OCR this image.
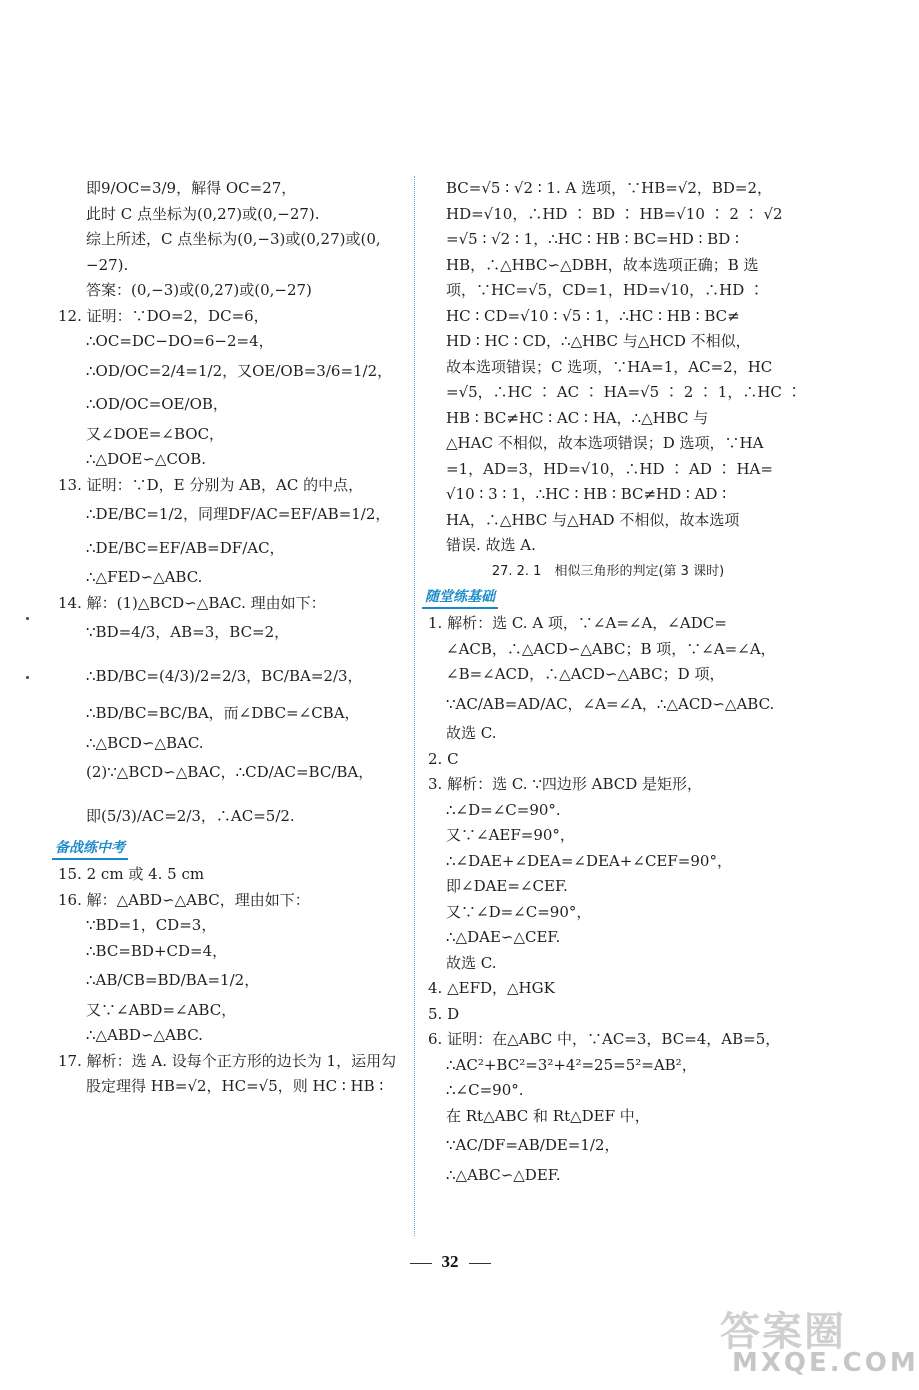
即9/OC=3/9，解得 OC=27，
此时 C 点坐标为(0,27)或(0,−27).
综上所述，C 点坐标为(0,−3)或(0,27)或(0,
−27).
答案：(0,−3)或(0,27)或(0,−27)
12. 证明：∵DO=2，DC=6，
∴OC=DC−DO=6−2=4，
∴OD/OC=2/4=1/2，又OE/OB=3/6=1/2，
∴OD/OC=OE/OB，
又∠DOE=∠BOC，
∴△DOE∽△COB.
13. 证明：∵D，E 分别为 AB，AC 的中点，
∴DE/BC=1/2，同理DF/AC=EF/AB=1/2，
∴DE/BC=EF/AB=DF/AC，
∴△FED∽△ABC.
14. 解：(1)△BCD∽△BAC. 理由如下：
∵BD=4/3，AB=3，BC=2，
∴BD/BC=(4/3)/2=2/3，BC/BA=2/3，
∴BD/BC=BC/BA，而∠DBC=∠CBA，
∴△BCD∽△BAC.
(2)∵△BCD∽△BAC，∴CD/AC=BC/BA，
即(5/3)/AC=2/3，∴AC=5/2.
备战练中考
15. 2 cm 或 4. 5 cm
16. 解：△ABD∽△ABC，理由如下：
∵BD=1，CD=3，
∴BC=BD+CD=4，
∴AB/CB=BD/BA=1/2，
又∵∠ABD=∠ABC，
∴△ABD∽△ABC.
17. 解析：选 A. 设每个正方形的边长为 1，运用勾
股定理得 HB=√2，HC=√5，则 HC ∶ HB ∶
BC=√5 ∶ √2 ∶ 1. A 选项，∵HB=√2，BD=2，
HD=√10，∴HD ∶ BD ∶ HB=√10 ∶ 2 ∶ √2
=√5 ∶ √2 ∶ 1，∴HC ∶ HB ∶ BC=HD ∶ BD ∶
HB，∴△HBC∽△DBH，故本选项正确；B 选
项，∵HC=√5，CD=1，HD=√10，∴HD ∶
HC ∶ CD=√10 ∶ √5 ∶ 1，∴HC ∶ HB ∶ BC≠
HD ∶ HC ∶ CD，∴△HBC 与△HCD 不相似，
故本选项错误；C 选项，∵HA=1，AC=2，HC
=√5，∴HC ∶ AC ∶ HA=√5 ∶ 2 ∶ 1，∴HC ∶
HB ∶ BC≠HC ∶ AC ∶ HA，∴△HBC 与
△HAC 不相似，故本选项错误；D 选项，∵HA
=1，AD=3，HD=√10，∴HD ∶ AD ∶ HA=
√10 ∶ 3 ∶ 1，∴HC ∶ HB ∶ BC≠HD ∶ AD ∶
HA，∴△HBC 与△HAD 不相似，故本选项
错误. 故选 A.
27. 2. 1　相似三角形的判定(第 3 课时)
随堂练基础
1. 解析：选 C. A 项，∵∠A=∠A，∠ADC=
∠ACB，∴△ACD∽△ABC；B 项，∵∠A=∠A，
∠B=∠ACD，∴△ACD∽△ABC；D 项，
∵AC/AB=AD/AC，∠A=∠A，∴△ACD∽△ABC.
故选 C.
2. C
3. 解析：选 C. ∵四边形 ABCD 是矩形，
∴∠D=∠C=90°.
又∵∠AEF=90°，
∴∠DAE+∠DEA=∠DEA+∠CEF=90°，
即∠DAE=∠CEF.
又∵∠D=∠C=90°，
∴△DAE∽△CEF.
故选 C.
4. △EFD，△HGK
5. D
6. 证明：在△ABC 中，∵AC=3，BC=4，AB=5，
∴AC²+BC²=3²+4²=25=5²=AB²，
∴∠C=90°.
在 Rt△ABC 和 Rt△DEF 中，
∵AC/DF=AB/DE=1/2，
∴△ABC∽△DEF.
32
答案圈
MXQE.COM
